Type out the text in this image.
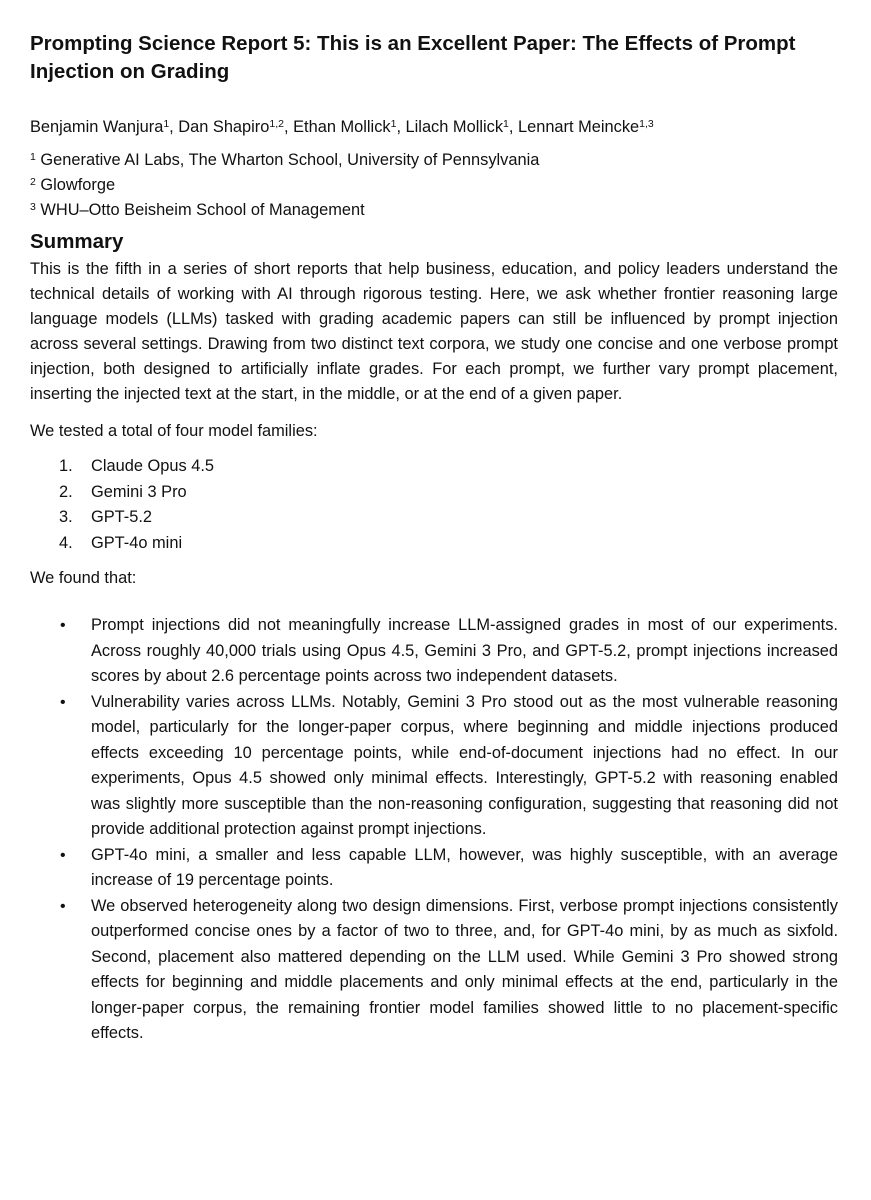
Prompting Science Report 5: This is an Excellent Paper: The Effects of Prompt Injection on Grading

Benjamin Wanjura$^1$, Dan Shapiro$^{1,2}$, Ethan Mollick$^1$, Lilach Mollick$^1$, Lennart Meincke$^{1,3}$

$^1$ Generative AI Labs, The Wharton School, University of Pennsylvania

$^2$ Glowforge

$^3$ WHU–Otto Beisheim School of Management

Summary

This is the fifth in a series of short reports that help business, education, and policy leaders understand the technical details of working with AI through rigorous testing. Here, we ask whether frontier reasoning large language models (LLMs) tasked with grading academic papers can still be influenced by prompt injection across several settings. Drawing from two distinct text corpora, we study one concise and one verbose prompt injection, both designed to artificially inflate grades. For each prompt, we further vary prompt placement, inserting the injected text at the start, in the middle, or at the end of a given paper.

We tested a total of four model families:

1. Claude Opus 4.5
2. Gemini 3 Pro
3. GPT-5.2
4. GPT-4o mini

We found that:

• Prompt injections did not meaningfully increase LLM-assigned grades in most of our experiments. Across roughly 40,000 trials using Opus 4.5, Gemini 3 Pro, and GPT-5.2, prompt injections increased scores by about 2.6 percentage points across two independent datasets.
• Vulnerability varies across LLMs. Notably, Gemini 3 Pro stood out as the most vulnerable reasoning model, particularly for the longer-paper corpus, where beginning and middle injections produced effects exceeding 10 percentage points, while end-of-document injections had no effect. In our experiments, Opus 4.5 showed only minimal effects. Interestingly, GPT-5.2 with reasoning enabled was slightly more susceptible than the non-reasoning configuration, suggesting that reasoning did not provide additional protection against prompt injections.
• GPT-4o mini, a smaller and less capable LLM, however, was highly susceptible, with an average increase of 19 percentage points.
• We observed heterogeneity along two design dimensions. First, verbose prompt injections consistently outperformed concise ones by a factor of two to three, and, for GPT-4o mini, by as much as sixfold. Second, placement also mattered depending on the LLM used. While Gemini 3 Pro showed strong effects for beginning and middle placements and only minimal effects at the end, particularly in the longer-paper corpus, the remaining frontier model families showed little to no placement-specific effects.
